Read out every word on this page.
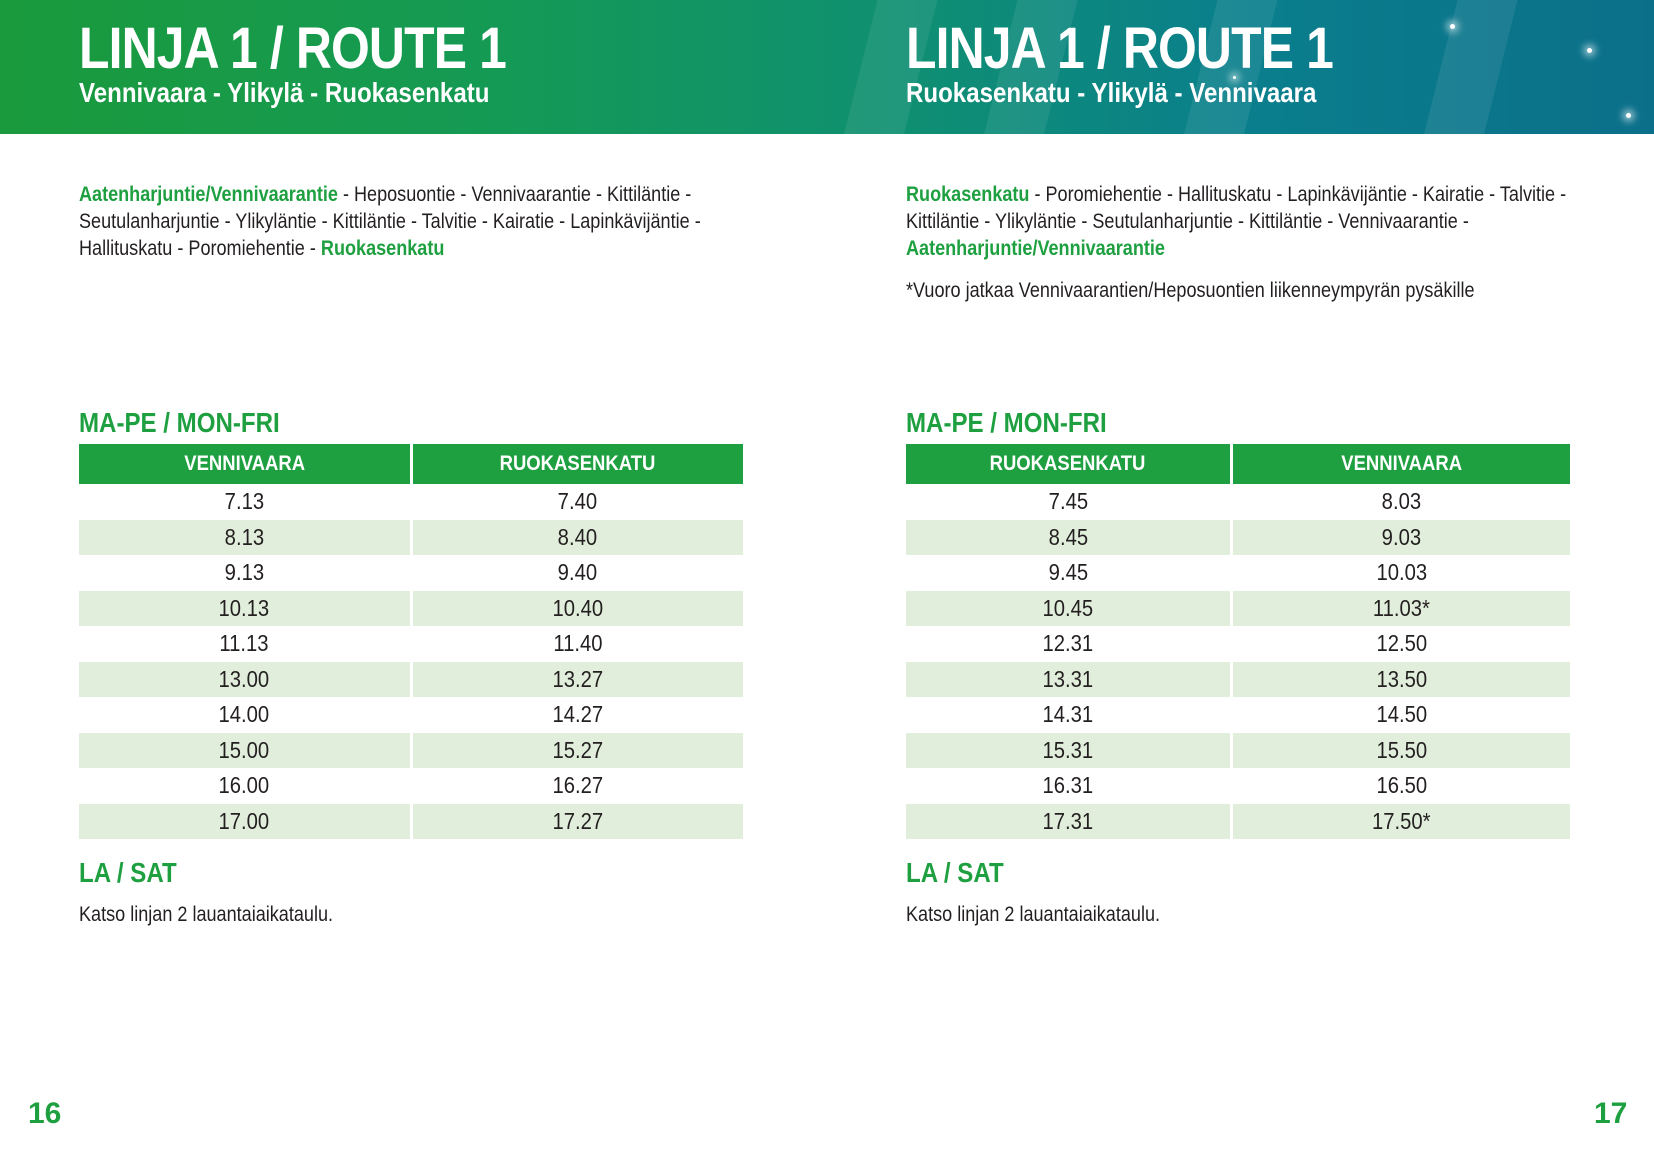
LINJA 1 / ROUTE 1
Vennivaara - Ylikylä - Ruokasenkatu

Aatenharjuntie/Vennivaarantie - Heposuontie - Vennivaarantie - Kittiläntie - Seutulanharjuntie - Ylikyläntie - Kittiläntie - Talvitie - Kairatie - Lapinkävijäntie - Hallituskatu - Poromiehentie - Ruokasenkatu

MA-PE / MON-FRI
VENNIVAARA	RUOKASENKATU
7.13	7.40
8.13	8.40
9.13	9.40
10.13	10.40
11.13	11.40
13.00	13.27
14.00	14.27
15.00	15.27
16.00	16.27
17.00	17.27
LA / SAT

Katso linjan 2 lauantaiaikataulu.

16

LINJA 1 / ROUTE 1
Ruokasenkatu - Ylikylä - Vennivaara

Ruokasenkatu - Poromiehentie - Hallituskatu - Lapinkävijäntie - Kairatie - Talvitie - Kittiläntie - Ylikyläntie - Seutulanharjuntie - Kittiläntie - Vennivaarantie - Aatenharjuntie/Vennivaarantie

*Vuoro jatkaa Vennivaarantien/Heposuontien liikenneympyrän pysäkille

MA-PE / MON-FRI
RUOKASENKATU	VENNIVAARA
7.45	8.03
8.45	9.03
9.45	10.03
10.45	11.03*
12.31	12.50
13.31	13.50
14.31	14.50
15.31	15.50
16.31	16.50
17.31	17.50*
LA / SAT

Katso linjan 2 lauantaiaikataulu.

17
